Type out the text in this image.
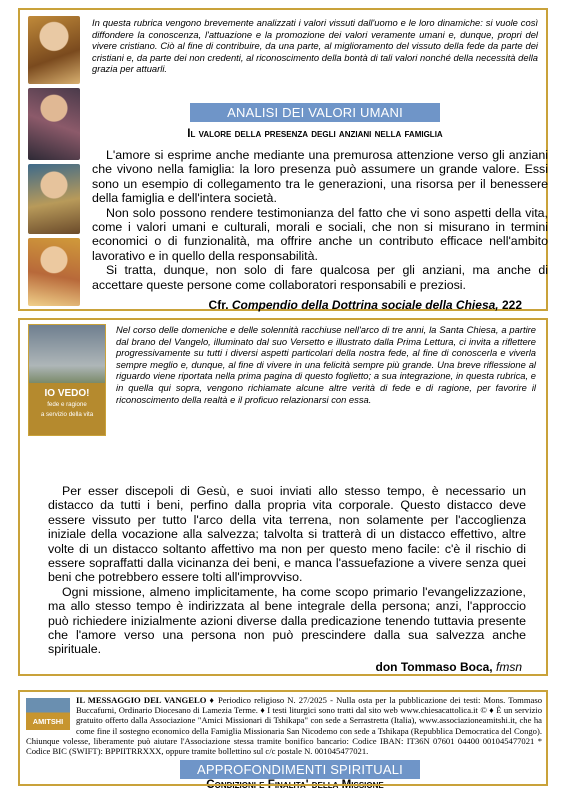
In questa rubrica vengono brevemente analizzati i valori vissuti dall'uomo e le loro dinamiche: si vuole così diffondere la conoscenza, l'attuazione e la promozione dei valori veramente umani e, dunque, propri del vivere cristiano. Ciò al fine di contribuire, da una parte, al miglioramento del vissuto della fede da parte dei cristiani e, da parte dei non credenti, al riconoscimento della bontà di tali valori nonché della necessità della grazia per attuarli.
ANALISI DEI VALORI UMANI
Il valore della presenza degli anziani nella famiglia

L'amore si esprime anche mediante una premurosa attenzione verso gli anziani che vivono nella famiglia: la loro presenza può assumere un grande valore. Essi sono un esempio di collegamento tra le generazioni, una risorsa per il benessere della famiglia e dell'intera società.

Non solo possono rendere testimonianza del fatto che vi sono aspetti della vita, come i valori umani e culturali, morali e sociali, che non si misurano in termini economici o di funzionalità, ma offrire anche un contributo efficace nell'ambito lavorativo e in quello della responsabilità.

Si tratta, dunque, non solo di fare qualcosa per gli anziani, ma anche di accettare queste persone come collaboratori responsabili e preziosi.

Cfr. Compendio della Dottrina sociale della Chiesa, 222
IO VEDO!
fede e ragione
a servizio della vita
Nel corso delle domeniche e delle solennità racchiuse nell'arco di tre anni, la Santa Chiesa, a partire dal brano del Vangelo, illuminato dal suo Versetto e illustrato dalla Prima Lettura, ci invita a riflettere progressivamente su tutti i diversi aspetti particolari della nostra fede, al fine di conoscerla e viverla sempre meglio e, dunque, al fine di vivere in una felicità sempre più grande. Una breve riflessione al riguardo viene riportata nella prima pagina di questo foglietto; a sua integrazione, in questa rubrica, e in quella qui sopra, vengono richiamate alcune altre verità di fede e di ragione, per favorire il riconoscimento della realtà e il proficuo relazionarsi con essa.
APPROFONDIMENTI SPIRITUALI
Condizioni e Finalita' della Missione

Per esser discepoli di Gesù, e suoi inviati allo stesso tempo, è necessario un distacco da tutti i beni, perfino dalla propria vita corporale. Questo distacco deve essere vissuto per tutto l'arco della vita terrena, non solamente per l'accoglienza iniziale della vocazione alla salvezza; talvolta si tratterà di un distacco effettivo, altre volte di un distacco soltanto affettivo ma non per questo meno facile: c'è il rischio di essere sopraffatti dalla vicinanza dei beni, e manca l'assuefazione a vivere senza quei beni che potrebbero essere tolti all'improvviso.

Ogni missione, almeno implicitamente, ha come scopo primario l'evangelizzazione, ma allo stesso tempo è indirizzata al bene integrale della persona; anzi, l'approccio può richiedere inizialmente azioni diverse dalla predicazione tenendo tuttavia presente che l'amore verso una persona non può prescindere dalla sua salvezza anche spirituale.

don Tommaso Boca, fmsn
AMITSHI
IL MESSAGGIO DEL VANGELO ♦ Periodico religioso N. 27/2025 - Nulla osta per la pubblicazione dei testi: Mons. Tommaso Buccafurni, Ordinario Diocesano di Lamezia Terme. ♦ I testi liturgici sono tratti dal sito web www.chiesacattolica.it © ♦ È un servizio gratuito offerto dalla Associazione "Amici Missionari di Tshikapa" con sede a Serrastretta (Italia), www.associazioneamitshi.it, che ha come fine il sostegno economico della Famiglia Missionaria San Nicodemo con sede a Tshikapa (Repubblica Democratica del Congo). Chiunque volesse, liberamente può aiutare l'Associazione stessa tramite bonifico bancario: Codice IBAN: IT36N 07601 04400 001045477021 * Codice BIC (SWIFT): BPPIITRRXXX, oppure tramite bollettino sul c/c postale N. 001045477021.
